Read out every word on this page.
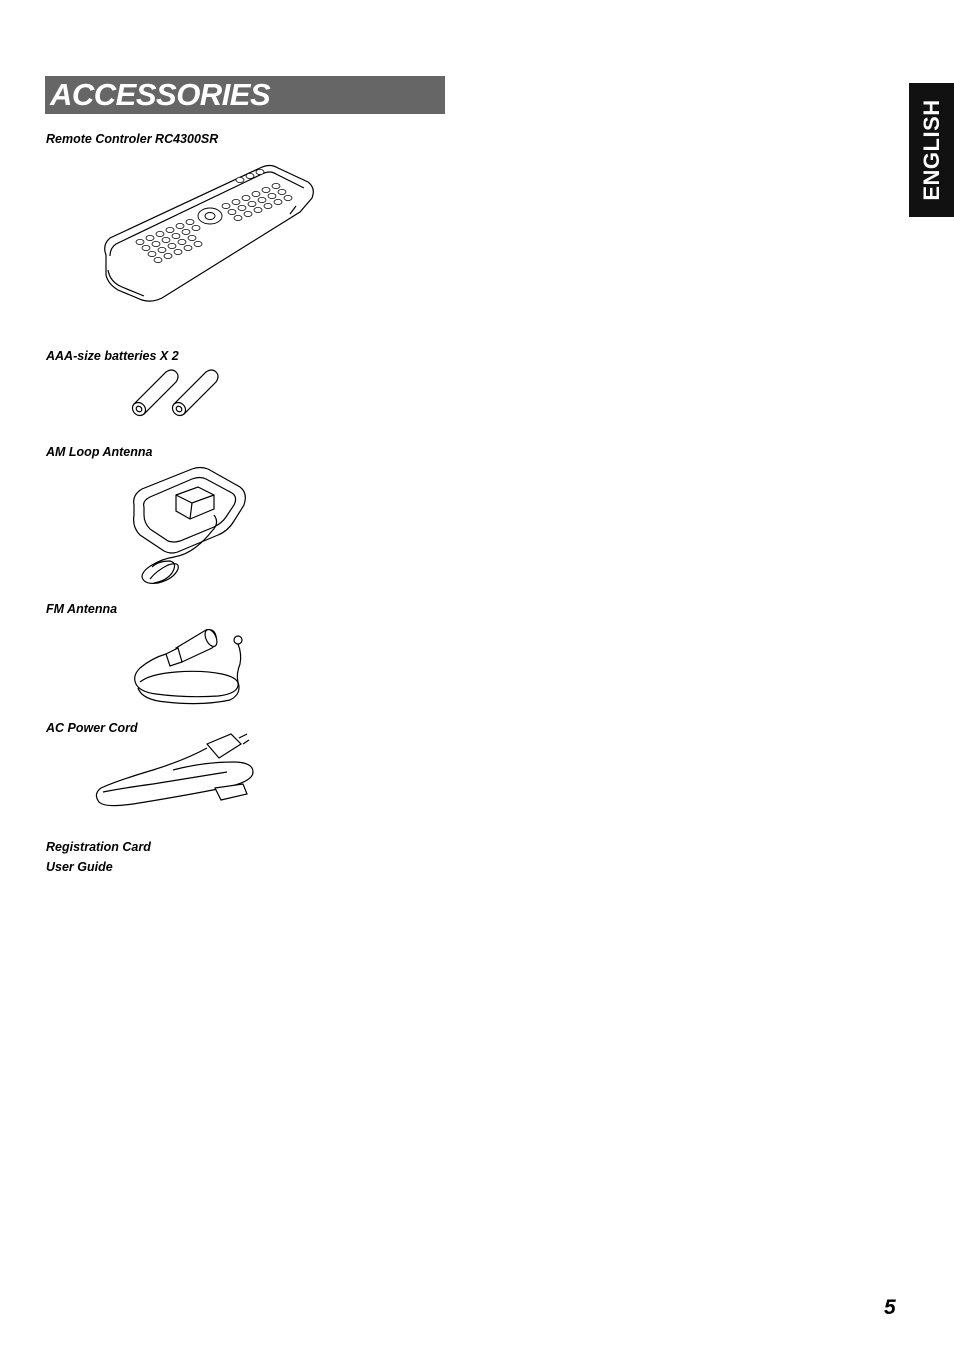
ACCESSORIES
ENGLISH
Remote Controler RC4300SR
AAA-size batteries X 2
AM Loop Antenna
FM Antenna
AC Power Cord
Registration Card
User Guide
5
